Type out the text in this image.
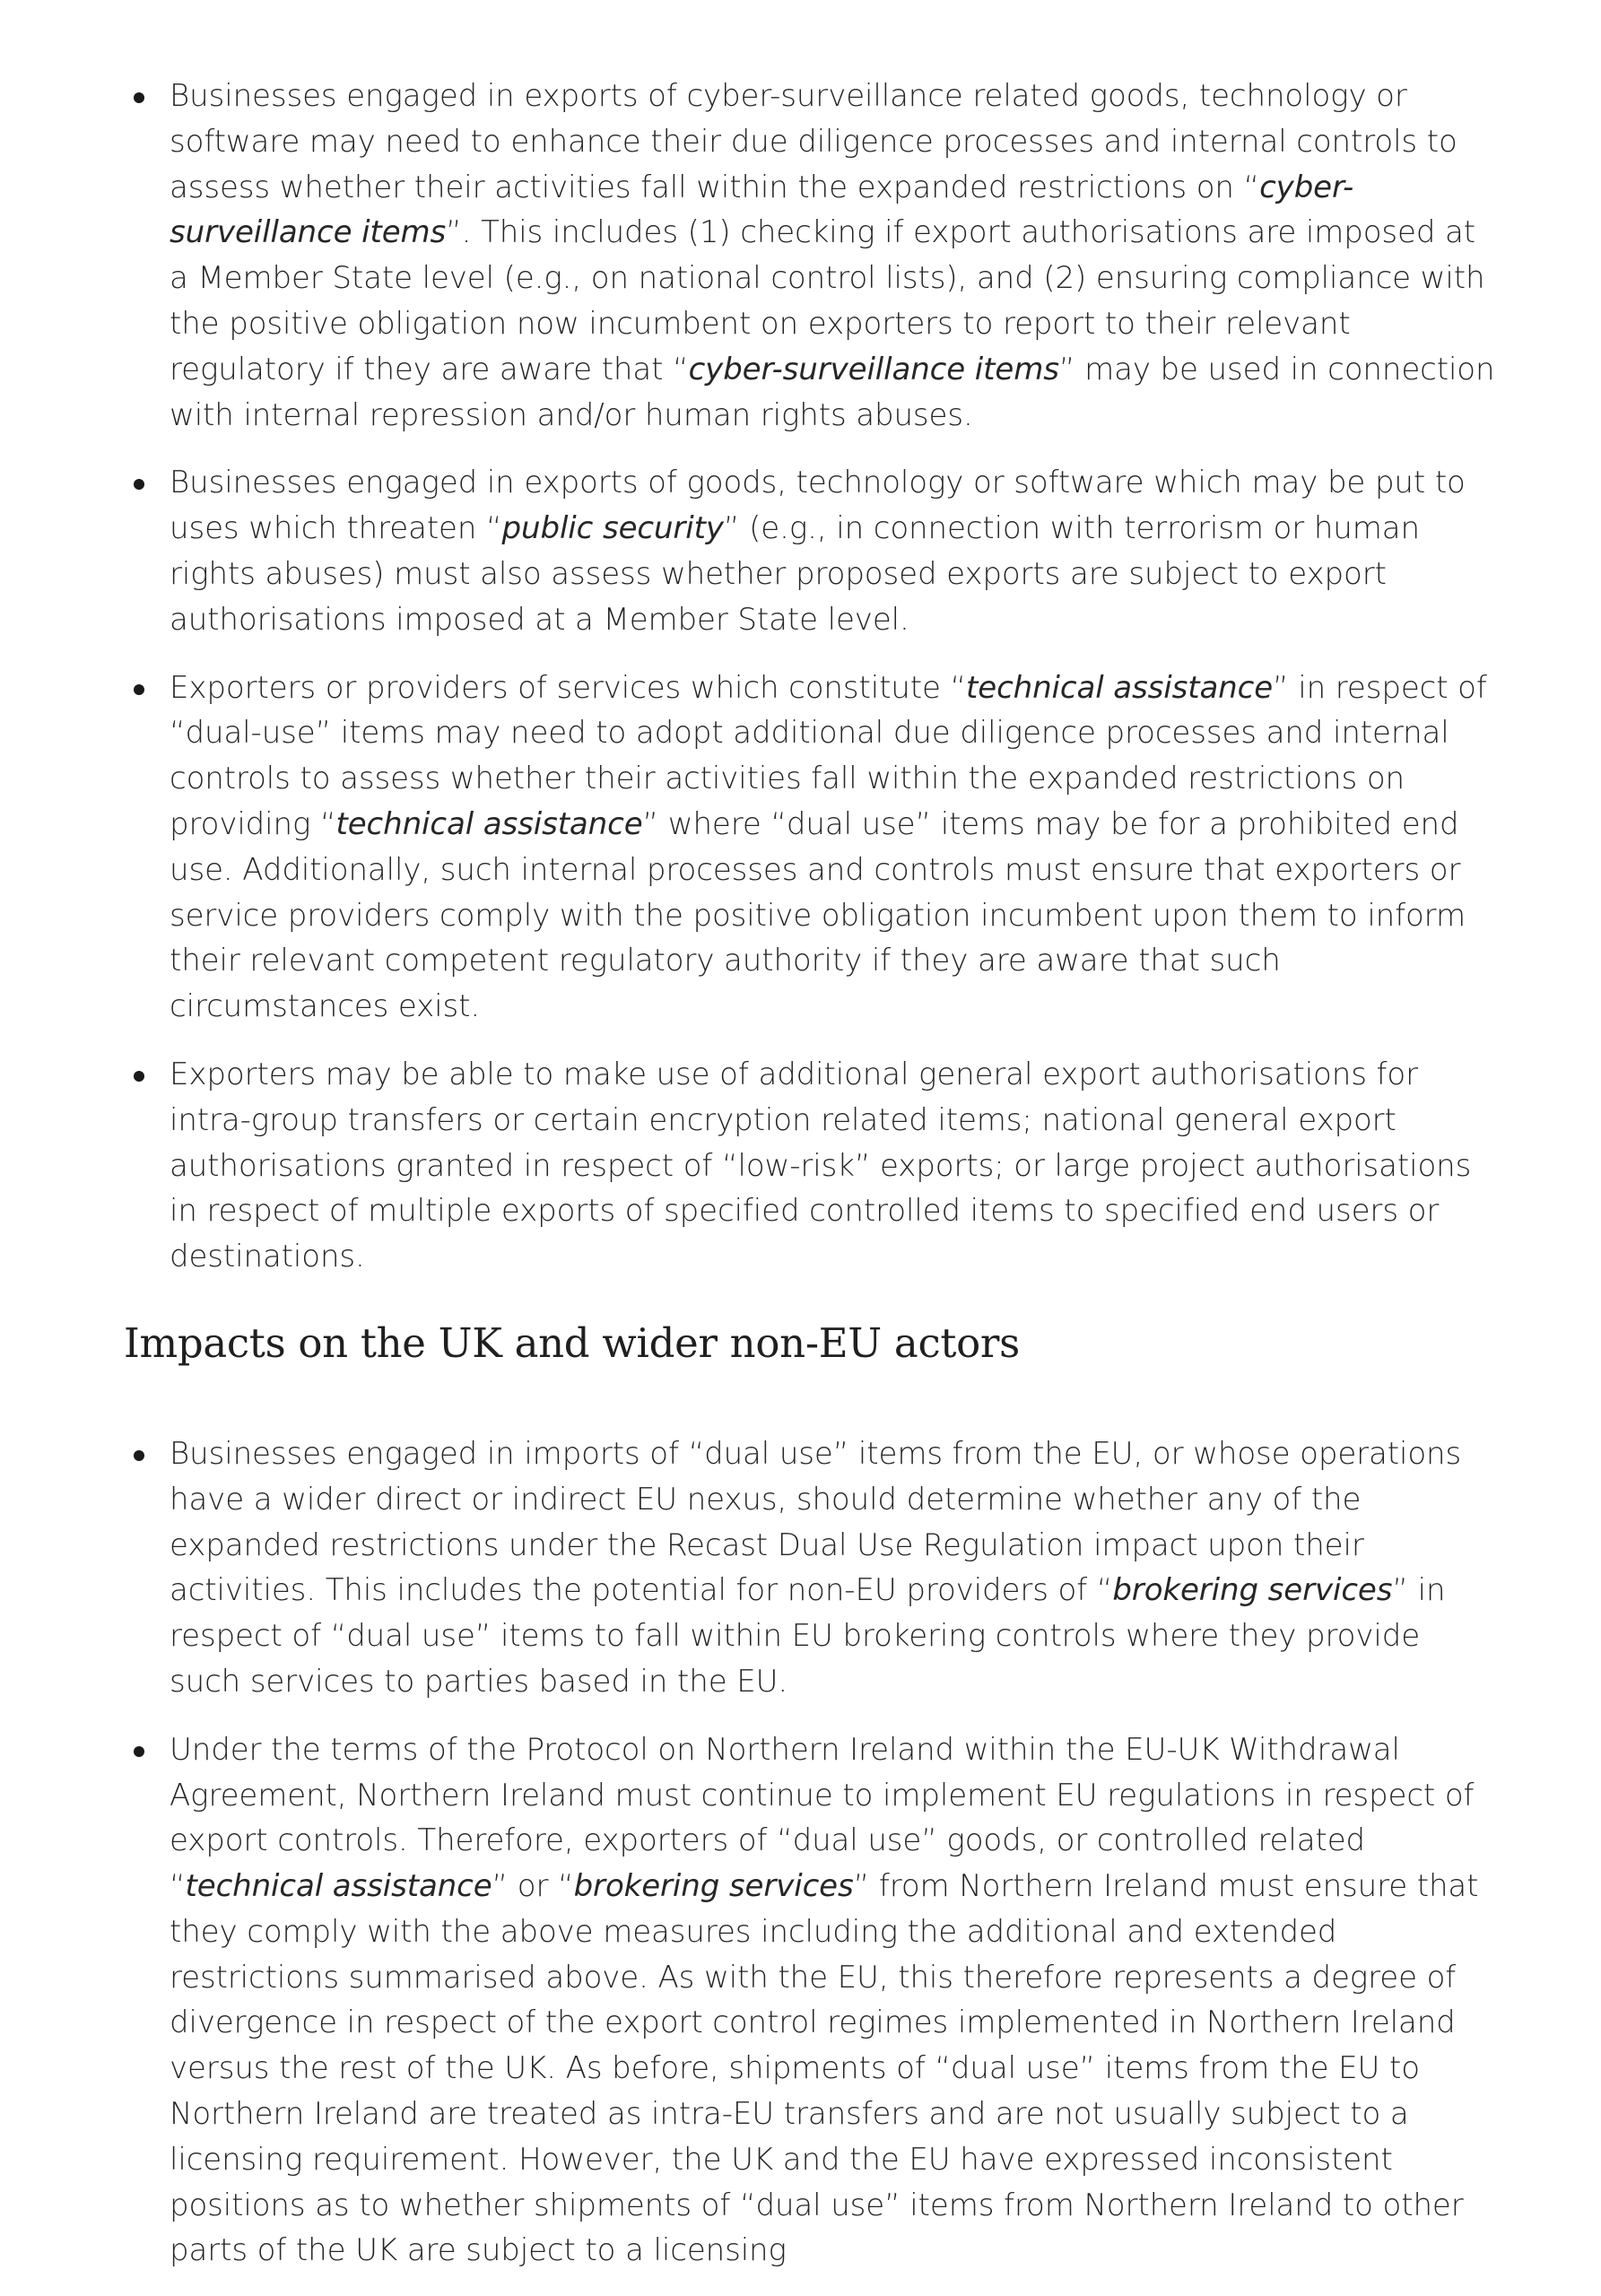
Businesses engaged in exports of cyber-surveillance related goods, technology or software may need to enhance their due diligence processes and internal controls to assess whether their activities fall within the expanded restrictions on “cyber-surveillance items”. This includes (1) checking if export authorisations are imposed at a Member State level (e.g., on national control lists), and (2) ensuring compliance with the positive obligation now incumbent on exporters to report to their relevant regulatory if they are aware that “cyber-surveillance items” may be used in connection with internal repression and/or human rights abuses.
Businesses engaged in exports of goods, technology or software which may be put to uses which threaten “public security” (e.g., in connection with terrorism or human rights abuses) must also assess whether proposed exports are subject to export authorisations imposed at a Member State level.
Exporters or providers of services which constitute “technical assistance” in respect of “dual-use” items may need to adopt additional due diligence processes and internal controls to assess whether their activities fall within the expanded restrictions on providing “technical assistance” where “dual use” items may be for a prohibited end use. Additionally, such internal processes and controls must ensure that exporters or service providers comply with the positive obligation incumbent upon them to inform their relevant competent regulatory authority if they are aware that such circumstances exist.
Exporters may be able to make use of additional general export authorisations for intra-group transfers or certain encryption related items; national general export authorisations granted in respect of “low-risk” exports; or large project authorisations in respect of multiple exports of specified controlled items to specified end users or destinations.
Impacts on the UK and wider non-EU actors
Businesses engaged in imports of “dual use” items from the EU, or whose operations have a wider direct or indirect EU nexus, should determine whether any of the expanded restrictions under the Recast Dual Use Regulation impact upon their activities. This includes the potential for non-EU providers of “brokering services” in respect of “dual use” items to fall within EU brokering controls where they provide such services to parties based in the EU.
Under the terms of the Protocol on Northern Ireland within the EU-UK Withdrawal Agreement, Northern Ireland must continue to implement EU regulations in respect of export controls. Therefore, exporters of “dual use” goods, or controlled related “technical assistance” or “brokering services” from Northern Ireland must ensure that they comply with the above measures including the additional and extended restrictions summarised above. As with the EU, this therefore represents a degree of divergence in respect of the export control regimes implemented in Northern Ireland versus the rest of the UK. As before, shipments of “dual use” items from the EU to Northern Ireland are treated as intra-EU transfers and are not usually subject to a licensing requirement. However, the UK and the EU have expressed inconsistent positions as to whether shipments of “dual use” items from Northern Ireland to other parts of the UK are subject to a licensing
